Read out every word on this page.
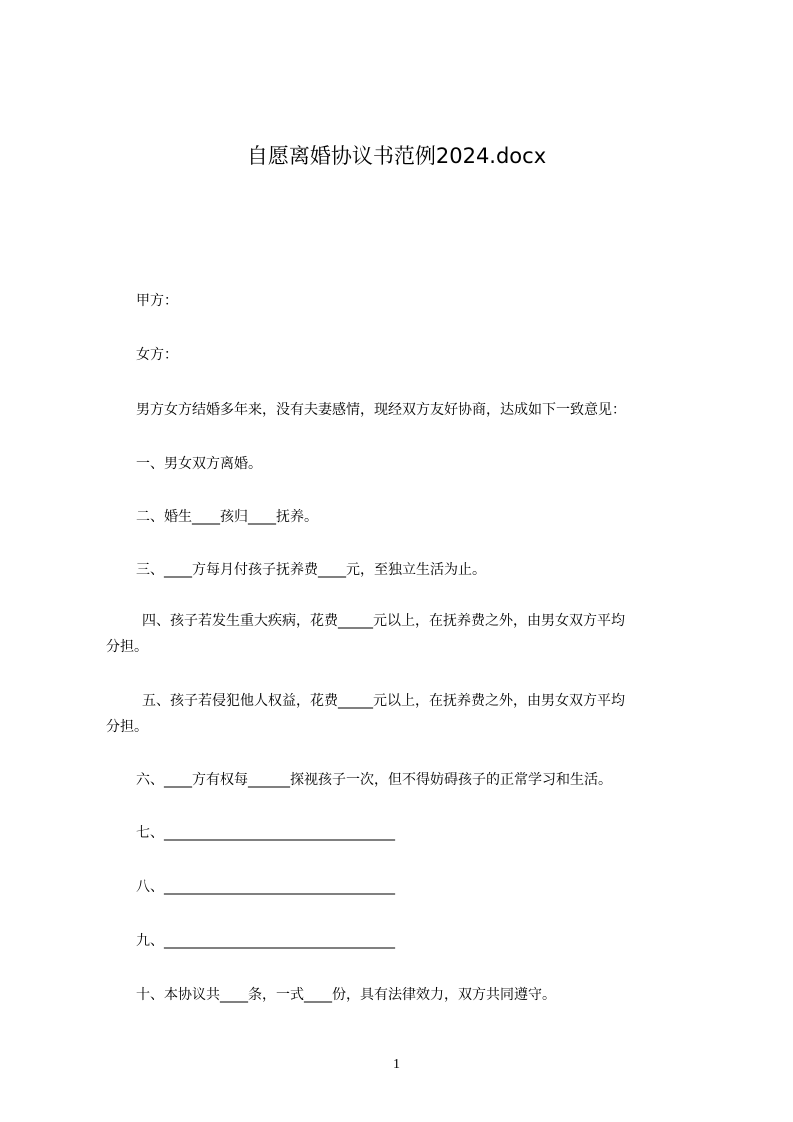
自愿离婚协议书范例2024.docx
甲方：
女方：
男方女方结婚多年来，没有夫妻感情，现经双方友好协商，达成如下一致意见：
一、男女双方离婚。
二、婚生____孩归____抚养。
三、____方每月付孩子抚养费____元，至独立生活为止。
四、孩子若发生重大疾病，花费_____元以上，在抚养费之外，由男女双方平均
分担。
五、孩子若侵犯他人权益，花费_____元以上，在抚养费之外，由男女双方平均
分担。
六、____方有权每______探视孩子一次，但不得妨碍孩子的正常学习和生活。
七、_________________________________
八、_________________________________
九、_________________________________
十、本协议共____条，一式____份，具有法律效力，双方共同遵守。
1
